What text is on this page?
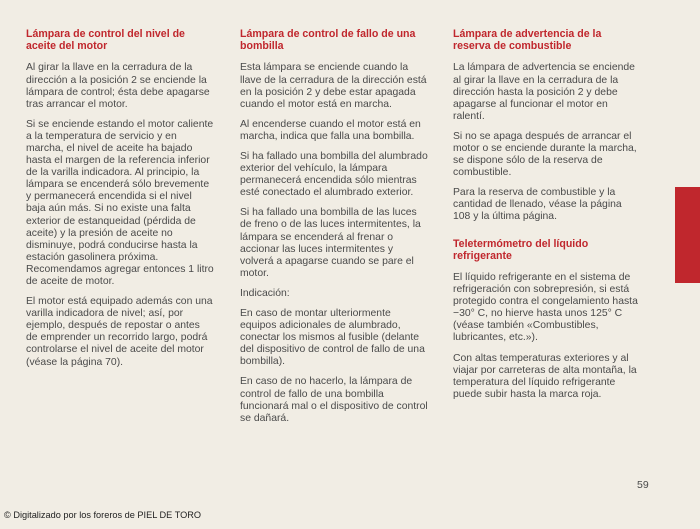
Lámpara de control del nivel de aceite del motor

Al girar la llave en la cerradura de la dirección a la posición 2 se enciende la lámpara de control; ésta debe apagarse tras arrancar el motor.

Si se enciende estando el motor caliente a la temperatura de servicio y en marcha, el nivel de aceite ha bajado hasta el margen de la referencia inferior de la varilla indicadora. Al principio, la lámpara se encenderá sólo brevemente y permanecerá encendida si el nivel baja aún más. Si no existe una falta exterior de estanqueidad (pérdida de aceite) y la presión de aceite no disminuye, podrá conducirse hasta la estación gasolinera próxima. Recomendamos agregar entonces 1 litro de aceite de motor.

El motor está equipado además con una varilla indicadora de nivel; así, por ejemplo, después de repostar o antes de emprender un recorrido largo, podrá controlarse el nivel de aceite del motor (véase la página 70).

Lámpara de control de fallo de una bombilla

Esta lámpara se enciende cuando la llave de la cerradura de la dirección está en la posición 2 y debe estar apagada cuando el motor está en marcha.

Al encenderse cuando el motor está en marcha, indica que falla una bombilla.

Si ha fallado una bombilla del alumbrado exterior del vehículo, la lámpara permanecerá encendida sólo mientras esté conectado el alumbrado exterior.

Si ha fallado una bombilla de las luces de freno o de las luces intermitentes, la lámpara se encenderá al frenar o accionar las luces intermitentes y volverá a apagarse cuando se pare el motor.

Indicación:

En caso de montar ulteriormente equipos adicionales de alumbrado, conectar los mismos al fusible (delante del dispositivo de control de fallo de una bombilla).

En caso de no hacerlo, la lámpara de control de fallo de una bombilla funcionará mal o el dispositivo de control se dañará.

Lámpara de advertencia de la reserva de combustible

La lámpara de advertencia se enciende al girar la llave en la cerradura de la dirección hasta la posición 2 y debe apagarse al funcionar el motor en ralentí.

Si no se apaga después de arrancar el motor o se enciende durante la marcha, se dispone sólo de la reserva de combustible.

Para la reserva de combustible y la cantidad de llenado, véase la página 108 y la última página.

Teletermómetro del líquido refrigerante

El líquido refrigerante en el sistema de refrigeración con sobrepresión, si está protegido contra el congelamiento hasta −30° C, no hierve hasta unos 125° C (véase también «Combustibles, lubricantes, etc.»).

Con altas temperaturas exteriores y al viajar por carreteras de alta montaña, la temperatura del líquido refrigerante puede subir hasta la marca roja.

59
© Digitalizado por los foreros de PIEL DE TORO
